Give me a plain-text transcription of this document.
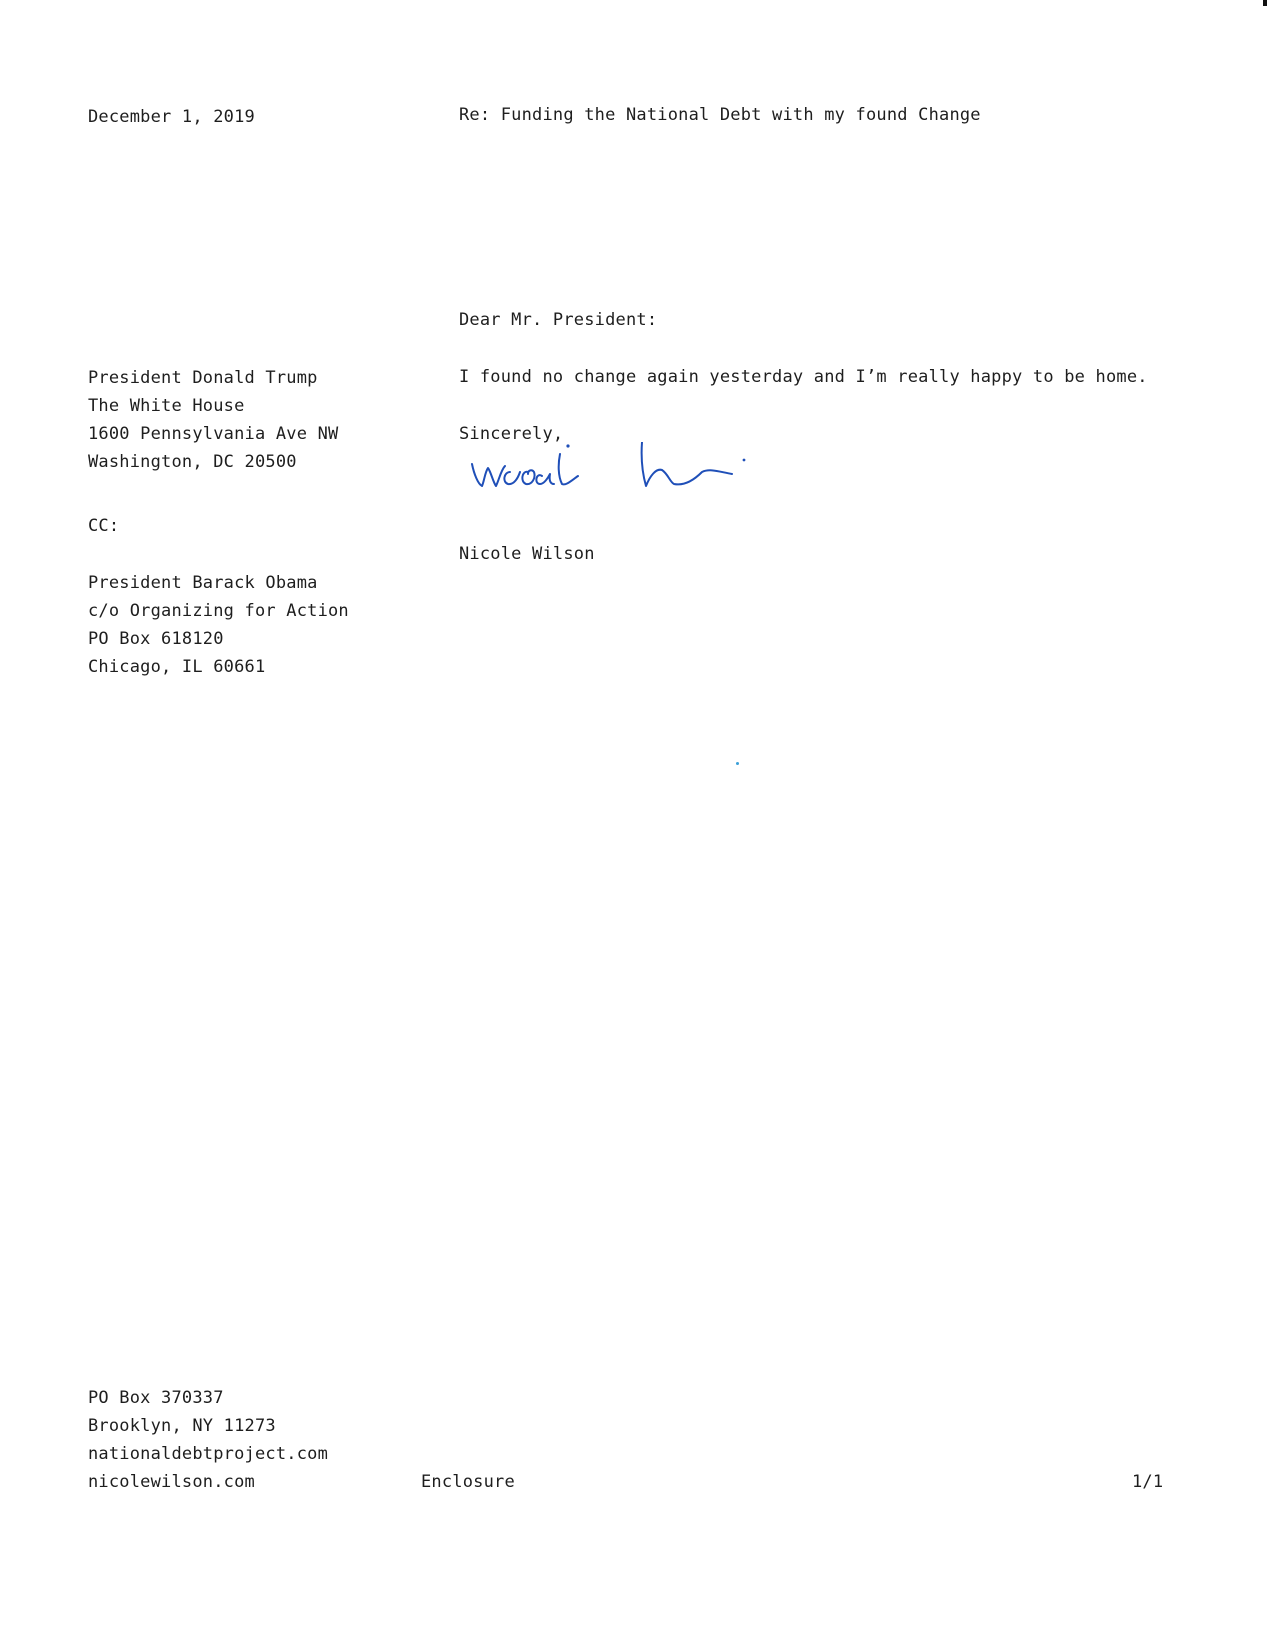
December 1, 2019	Re: Funding the National Debt with my found Change
Dear Mr. President:
I found no change again yesterday and I’m really happy to be home.
Sincerely,
Nicole Wilson
President Donald Trump
The White House
1600 Pennsylvania Ave NW
Washington, DC 20500
CC:
President Barack Obama
c/o Organizing for Action
PO Box 618120
Chicago, IL 60661
PO Box 370337
Brooklyn, NY 11273
nationaldebtproject.com
nicolewilson.com	Enclosure	1/1
